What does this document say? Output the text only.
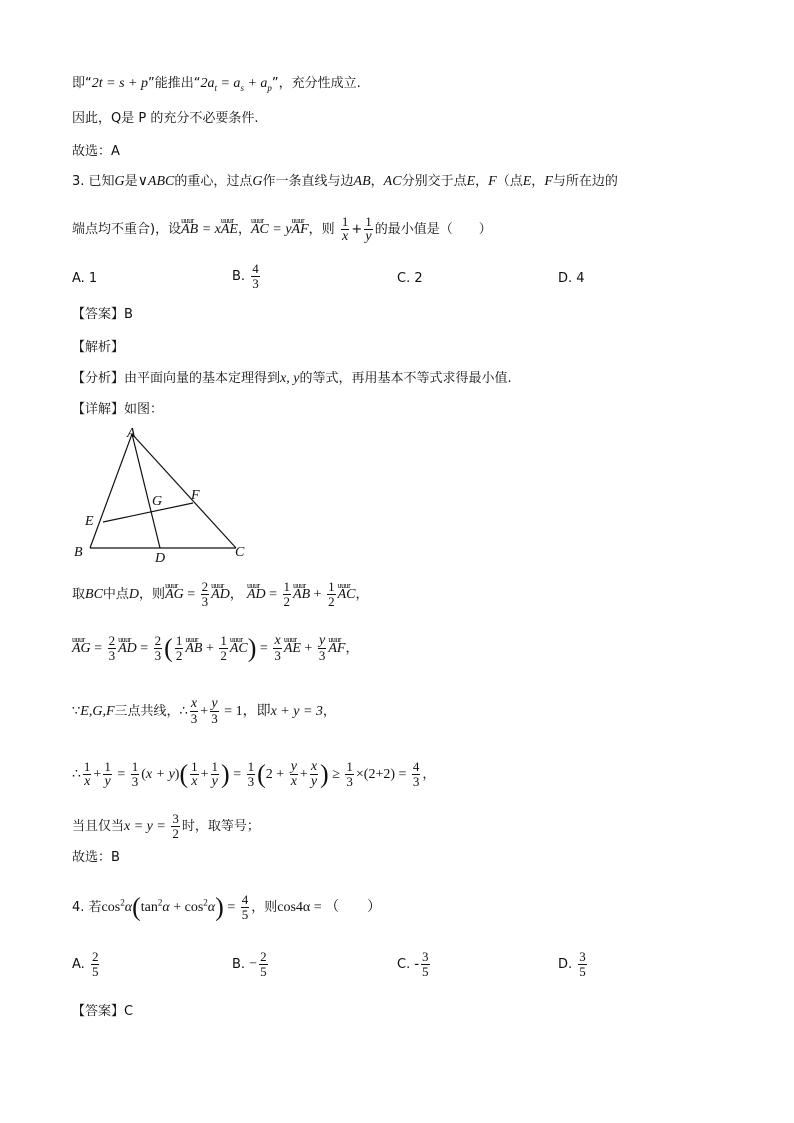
即“2t = s + p”能推出“$2a_t = a_s + a_p$”，充分性成立.
因此，Q是 P 的充分不必要条件.
故选：A
3. 已知G是∨ABC的重心，过点G作一条直线与边AB，AC分别交于点E，F（点E，F与所在边的
端点均不重合)，设uuur AB = xuuur AE，uuur AC = yuuur AF，则 $\frac{1}{x} + \frac{1}{y}$ 的最小值是（　　）
A. 1	B. $\frac{4}{3}$	C. 2	D. 4
【答案】B
【解析】
【分析】由平面向量的基本定理得到x, y的等式，再用基本不等式求得最小值.
【详解】如图：
A
B	C
D
E
F
G
取BC中点D，则uuur AG = $\frac{2}{3}$ uuur AD， uuur AD = $\frac{1}{2}$ uuur AB + $\frac{1}{2}$ uuur AC，
uuur AG = $\frac{2}{3}$ uuur AD = $\frac{2}{3}$ ( $\frac{1}{2}$ uuur AB + $\frac{1}{2}$ uuur $AC) = \frac{x}{3}$ uuur AE + $\frac{y}{3}$ uuur AF，
∵E,G,F三点共线，∴ $\frac{x}{3} + \frac{y}{3} = 1$，即x + y = 3，
∴ $\frac{1}{x} + \frac{1}{y} = \frac{1}{3} (x + y)( \frac{1}{x} + \frac{1}{y}$ ) = $\frac{1}{3} (2 + \frac{y}{x} + \frac{x}{y}$ ) ≥ $\frac{1}{3} \times(2+2) = \frac{4}{3}$ ，
当且仅当$x = y = \frac{3}{2}$ 时，取等号；
故选：B
4. 若$\cos^2\alpha(\tan^2\alpha + \cos^2\alpha) = \frac{4}{5}$ ，则cos4α = （　　）
A. $\frac{2}{5}$	B. − $\frac{2}{5}$	C. - $\frac{3}{5}$	D. $\frac{3}{5}$
【答案】C
